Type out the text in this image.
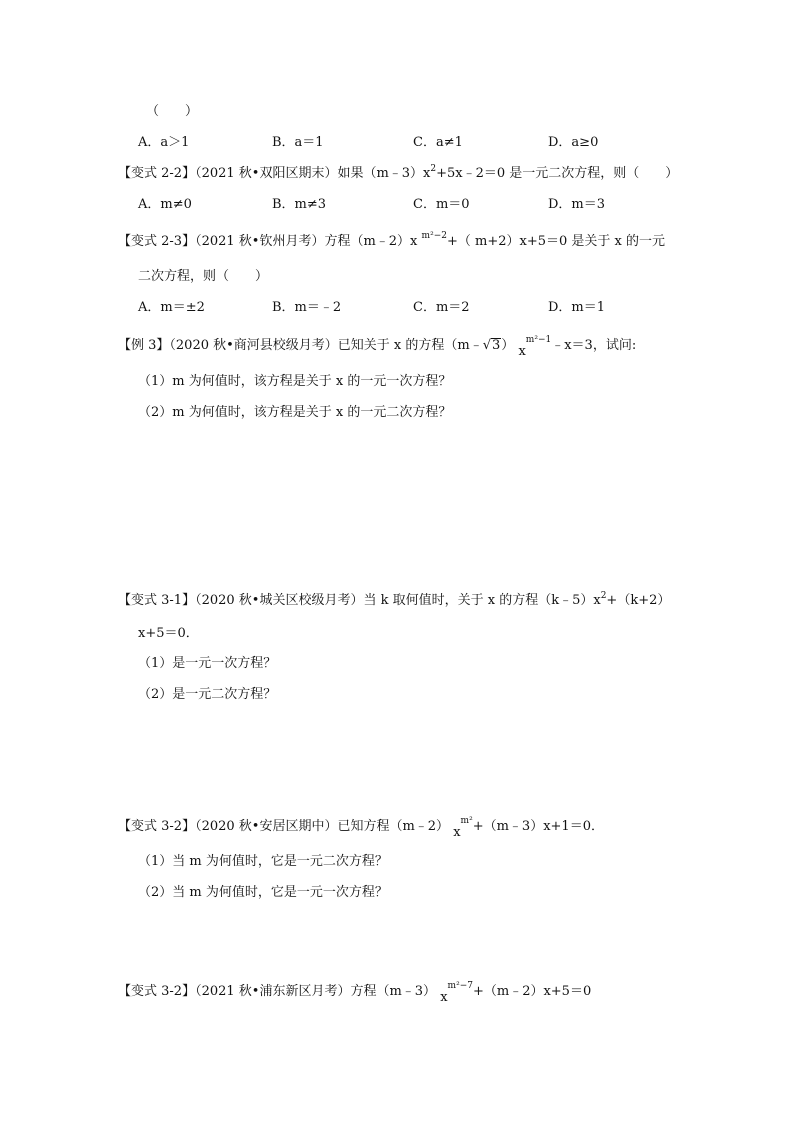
（　　）
A．a＞1	B．a＝1	C．a≠1	D．a≥0
【变式 2-2】（2021 秋•双阳区期末）如果$(m﹣3)x^2+5x﹣2=0$ 是一元二次方程，则（　　）
A．m≠0	B．m≠3	C．m＝0	D．m＝3
【变式 2-3】（2021 秋•钦州月考）方程（m﹣2）x $^{m^2-2}$+（ m+2）x+5＝0 是关于 x 的一元
二次方程，则（　　）
A．m＝±2	B．m＝﹣2	C．m＝2	D．m＝1
【例 3】（2020 秋•商河县校级月考）已知关于 x 的方程（m﹣√3） $x^{m^2-1}﹣x=3$，试问:
（1）m 为何值时，该方程是关于 x 的一元一次方程？
（2）m 为何值时，该方程是关于 x 的一元二次方程？
【变式 3-1】（2020 秋•城关区校级月考）当 k 取何值时，关于 x 的方程$(k﹣5)x^2+(k+2)$
x+5＝0．
（1）是一元一次方程？
（2）是一元二次方程？
【变式 3-2】（2020 秋•安居区期中）已知方程（m﹣2） $x^{m^2}+(m﹣3)x+1=0$．
（1）当 m 为何值时，它是一元二次方程？
（2）当 m 为何值时，它是一元一次方程？
【变式 3-2】（2021 秋•浦东新区月考）方程（m﹣3） $x^{m^2-7}+(m﹣2)x+5=0$
